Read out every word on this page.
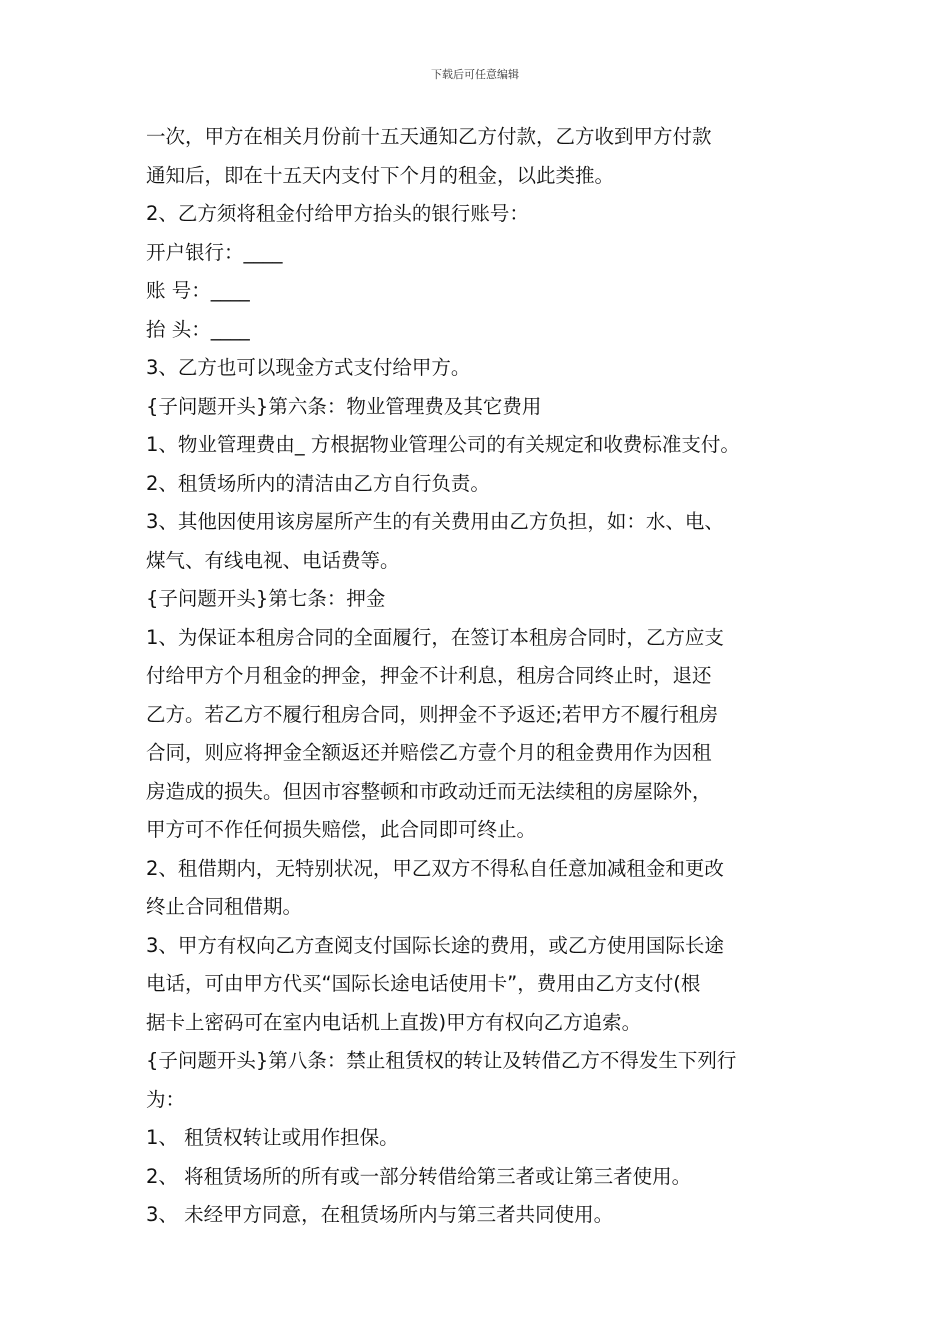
下载后可任意编辑
一次，甲方在相关月份前十五天通知乙方付款，乙方收到甲方付款
通知后，即在十五天内支付下个月的租金，以此类推。
2、乙方须将租金付给甲方抬头的银行账号：
开户银行：____
账 号：____
抬 头：____
3、乙方也可以现金方式支付给甲方。
{子问题开头}第六条：物业管理费及其它费用
1、物业管理费由_ 方根据物业管理公司的有关规定和收费标准支付。
2、租赁场所内的清洁由乙方自行负责。
3、其他因使用该房屋所产生的有关费用由乙方负担，如：水、电、
煤气、有线电视、电话费等。
{子问题开头}第七条：押金
1、为保证本租房合同的全面履行，在签订本租房合同时，乙方应支
付给甲方个月租金的押金，押金不计利息，租房合同终止时，退还
乙方。若乙方不履行租房合同，则押金不予返还;若甲方不履行租房
合同，则应将押金全额返还并赔偿乙方壹个月的租金费用作为因租
房造成的损失。但因市容整顿和市政动迁而无法续租的房屋除外，
甲方可不作任何损失赔偿，此合同即可终止。
2、租借期内，无特别状况，甲乙双方不得私自任意加减租金和更改
终止合同租借期。
3、甲方有权向乙方查阅支付国际长途的费用，或乙方使用国际长途
电话，可由甲方代买“国际长途电话使用卡”，费用由乙方支付(根
据卡上密码可在室内电话机上直拨)甲方有权向乙方追索。
{子问题开头}第八条：禁止租赁权的转让及转借乙方不得发生下列行
为：
1、 租赁权转让或用作担保。
2、 将租赁场所的所有或一部分转借给第三者或让第三者使用。
3、 未经甲方同意，在租赁场所内与第三者共同使用。
